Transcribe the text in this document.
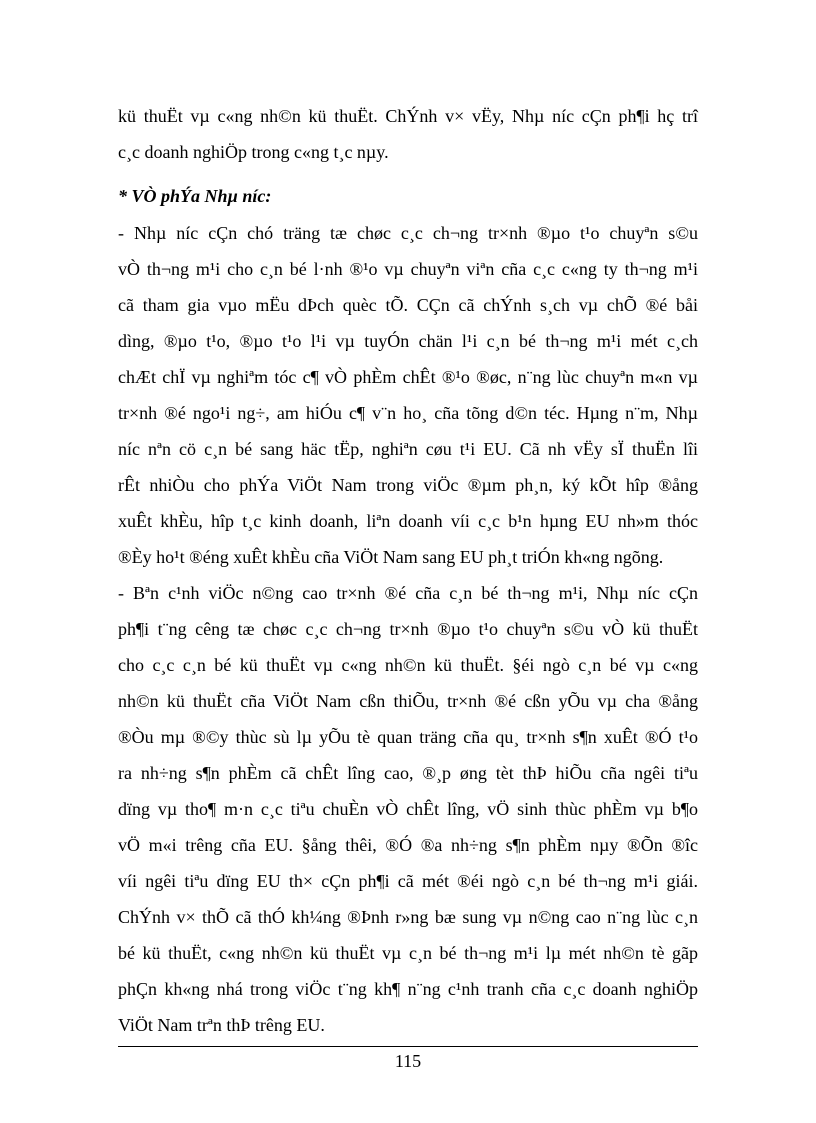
kü thuËt vµ c«ng nh©n kü thuËt. ChÝnh v× vËy, Nhµ níc cÇn ph¶i hç trî
c¸c doanh nghiÖp trong c«ng t¸c nµy.
* VÒ phÝa Nhµ níc:
- Nhµ níc cÇn chó träng tæ chøc c¸c ch¬ng tr×nh ®µo t¹o chuyªn s©u
vÒ th¬ng m¹i cho c¸n bé l·nh ®¹o vµ chuyªn viªn cña c¸c c«ng ty th¬ng m¹i
cã tham gia vµo mËu dÞch quèc tÕ. CÇn cã chÝnh s¸ch vµ chÕ ®é båi
dìng, ®µo t¹o, ®µo t¹o l¹i vµ tuyÓn chän l¹i c¸n bé th¬ng m¹i mét c¸ch
chÆt chÏ vµ nghiªm tóc c¶ vÒ phÈm chÊt ®¹o ®øc, n¨ng lùc chuyªn m«n vµ
tr×nh ®é ngo¹i ng÷, am hiÓu c¶ v¨n ho¸ cña tõng d©n téc. Hµng n¨m, Nhµ
níc nªn cö c¸n bé sang häc tËp, nghiªn cøu t¹i EU. Cã nh vËy sÏ thuËn lîi
rÊt nhiÒu cho phÝa ViÖt Nam trong viÖc ®µm ph¸n, ký kÕt hîp ®ång
xuÊt khÈu, hîp t¸c kinh doanh, liªn doanh víi c¸c b¹n hµng EU nh»m thóc
®Èy ho¹t ®éng xuÊt khÈu cña ViÖt Nam sang EU ph¸t triÓn kh«ng ngõng.
- Bªn c¹nh viÖc n©ng cao tr×nh ®é cña c¸n bé th¬ng m¹i, Nhµ níc cÇn
ph¶i t¨ng cêng tæ chøc c¸c ch¬ng tr×nh ®µo t¹o chuyªn s©u vÒ kü thuËt
cho c¸c c¸n bé kü thuËt vµ c«ng nh©n kü thuËt. §éi ngò c¸n bé vµ c«ng
nh©n kü thuËt cña ViÖt Nam cßn thiÕu, tr×nh ®é cßn yÕu vµ cha ®ång
®Òu mµ ®©y thùc sù lµ yÕu tè quan träng cña qu¸ tr×nh s¶n xuÊt ®Ó t¹o
ra nh÷ng s¶n phÈm cã chÊt lîng cao, ®¸p øng tèt thÞ hiÕu cña ngêi tiªu
dïng vµ tho¶ m·n c¸c tiªu chuÈn vÒ chÊt lîng, vÖ sinh thùc phÈm vµ b¶o
vÖ m«i trêng cña EU. §ång thêi, ®Ó ®a nh÷ng s¶n phÈm nµy ®Õn ®îc
víi ngêi tiªu dïng EU th× cÇn ph¶i cã mét ®éi ngò c¸n bé th¬ng m¹i giái.
ChÝnh v× thÕ cã thÓ kh¼ng ®Þnh r»ng bæ sung vµ n©ng cao n¨ng lùc c¸n
bé kü thuËt, c«ng nh©n kü thuËt vµ c¸n bé th¬ng m¹i lµ mét nh©n tè gãp
phÇn kh«ng nhá trong viÖc t¨ng kh¶ n¨ng c¹nh tranh cña c¸c doanh nghiÖp
ViÖt Nam trªn thÞ trêng EU.
115
